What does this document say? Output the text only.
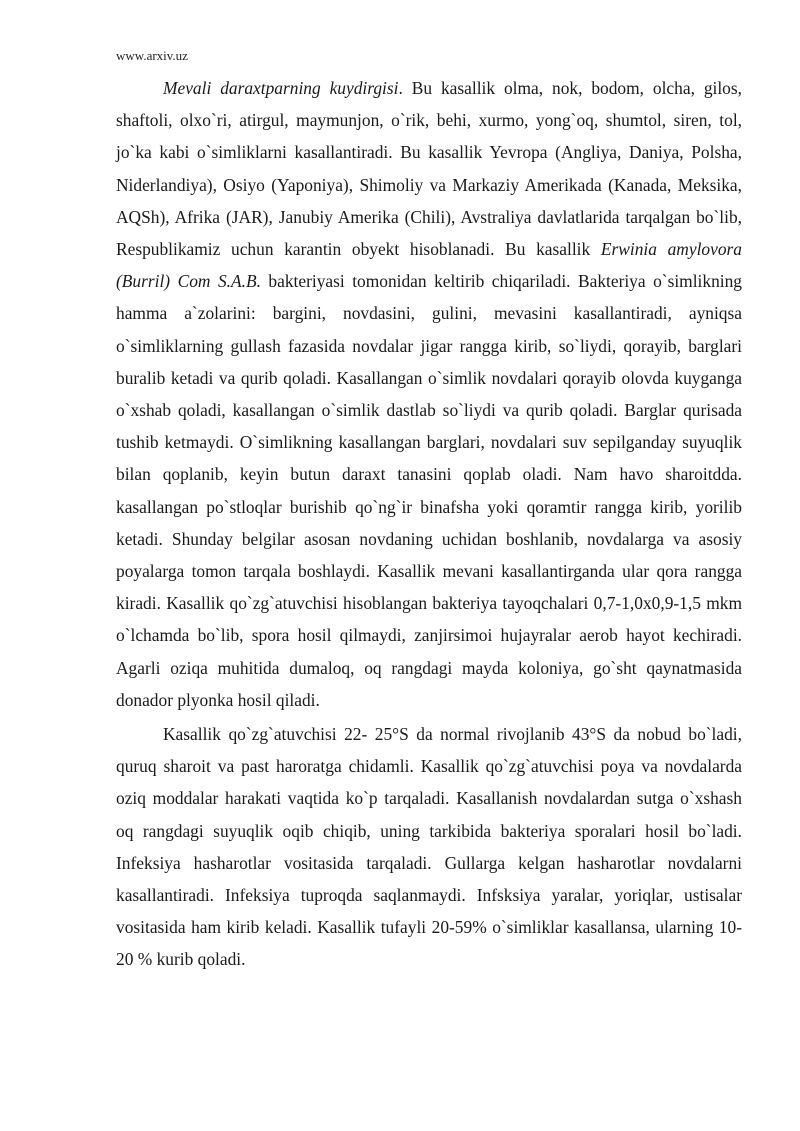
www.arxiv.uz

Mevali daraxtparning kuydirgisi. Bu kasallik olma, nok, bodom, olcha, gilos, shaftoli, olxo`ri, atirgul, maymunjon, o`rik, behi, xurmo, yong`oq, shumtol, siren, tol, jo`ka kabi o`simliklarni kasallantiradi. Bu kasallik Yevropa (Angliya, Daniya, Polsha, Niderlandiya), Osiyo (Yaponiya), Shimoliy va Markaziy Amerikada (Kanada, Meksika, AQSh), Afrika (JAR), Janubiy Amerika (Chili), Avstraliya davlatlarida tarqalgan bo`lib, Respublikamiz uchun karantin obyekt hisoblanadi. Bu kasallik Erwinia amylovora (Burril) Com S.A.B. bakteriyasi tomonidan keltirib chiqariladi. Bakteriya o`simlikning hamma a`zolarini: bargini, novdasini, gulini, mevasini kasallantiradi, ayniqsa o`simliklarning gullash fazasida novdalar jigar rangga kirib, so`liydi, qorayib, barglari buralib ketadi va qurib qoladi. Kasallangan o`simlik novdalari qorayib olovda kuyganga o`xshab qoladi, kasallangan o`simlik dastlab so`liydi va qurib qoladi. Barglar qurisada tushib ketmaydi. O`simlikning kasallangan barglari, novdalari suv sepilganday suyuqlik bilan qoplanib, keyin butun daraxt tanasini qoplab oladi. Nam havo sharoitdda. kasallangan po`stloqlar burishib qo`ng`ir binafsha yoki qoramtir rangga kirib, yorilib ketadi. Shunday belgilar asosan novdaning uchidan boshlanib, novdalarga va asosiy poyalarga tomon tarqala boshlaydi. Kasallik mevani kasallantirganda ular qora rangga kiradi. Kasallik qo`zg`atuvchisi hisoblangan bakteriya tayoqchalari 0,7-1,0x0,9-1,5 mkm o`lchamda bo`lib, spora hosil qilmaydi, zanjirsimoi hujayralar aerob hayot kechiradi. Agarli oziqa muhitida dumaloq, oq rangdagi mayda koloniya, go`sht qaynatmasida donador plyonka hosil qiladi.

Kasallik qo`zg`atuvchisi 22- 25°S da normal rivojlanib 43°S da nobud bo`ladi, quruq sharoit va past haroratga chidamli. Kasallik qo`zg`atuvchisi poya va novdalarda oziq moddalar harakati vaqtida ko`p tarqaladi. Kasallanish novdalardan sutga o`xshash oq rangdagi suyuqlik oqib chiqib, uning tarkibida bakteriya sporalari hosil bo`ladi. Infeksiya hasharotlar vositasida tarqaladi. Gullarga kelgan hasharotlar novdalarni kasallantiradi. Infeksiya tuproqda saqlanmaydi. Infsksiya yaralar, yoriqlar, ustisalar vositasida ham kirib keladi. Kasallik tufayli 20-59% o`simliklar kasallansa, ularning 10- 20 % kurib qoladi.
